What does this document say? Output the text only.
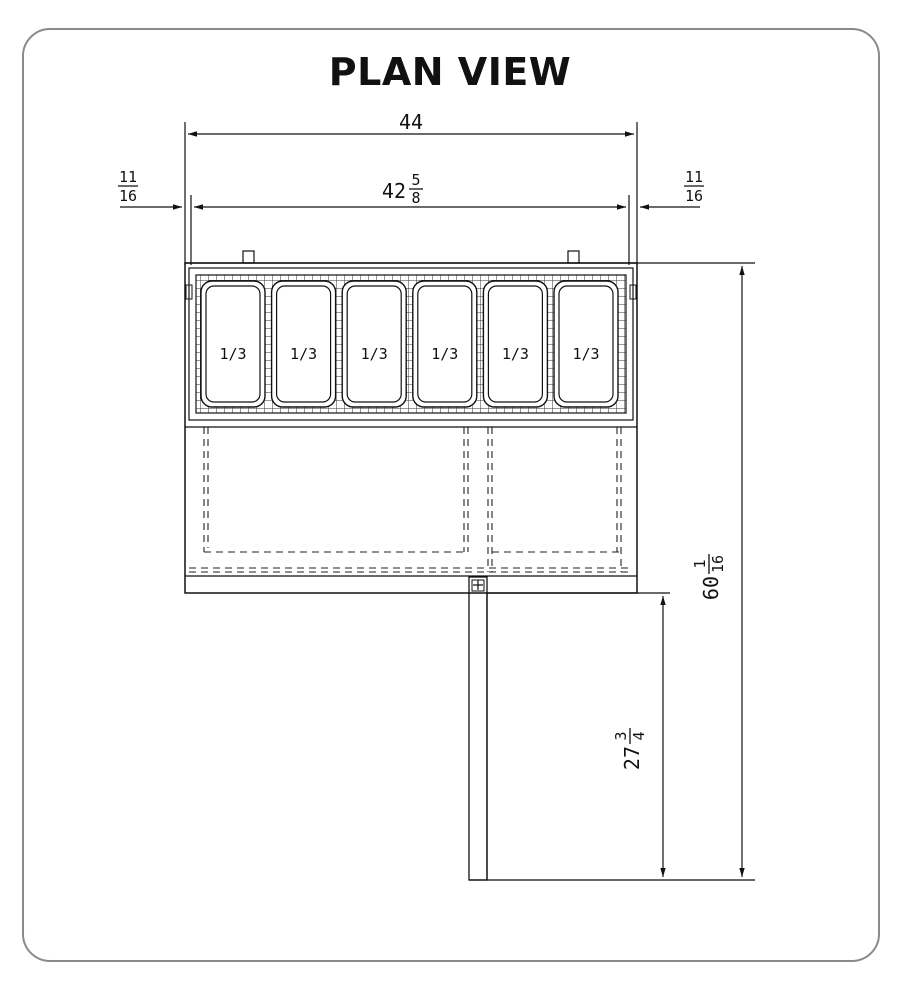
PLAN VIEW
44
42 5
8
11
16
11
16
1/3	1/3	1/3	1/3	1/3	1/3
60
1 16
27
3 4
